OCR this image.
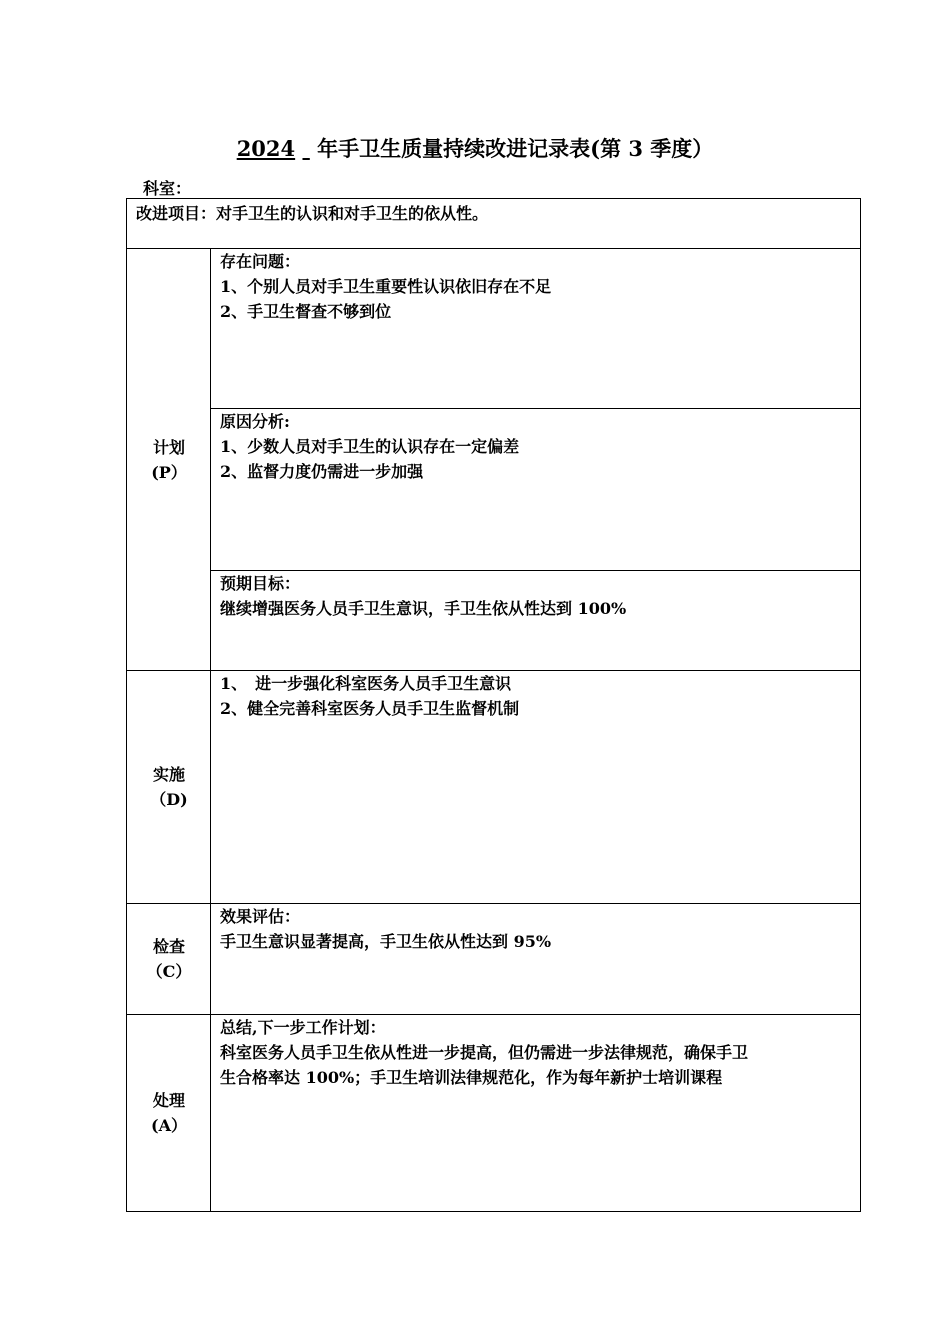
2024 年手卫生质量持续改进记录表(第 3 季度）
科室：
改进项目：对手卫生的认识和对手卫生的依从性。
计划
(P）
存在问题：
1、个别人员对手卫生重要性认识依旧存在不足
2、手卫生督查不够到位
原因分析:
1、少数人员对手卫生的认识存在一定偏差
2、监督力度仍需进一步加强
预期目标：
继续增强医务人员手卫生意识，手卫生依从性达到 100%
实施
（D)
1、　进一步强化科室医务人员手卫生意识
2、健全完善科室医务人员手卫生监督机制
检查
（C）
效果评估：
手卫生意识显著提高，手卫生依从性达到 95%
处理
(A）
总结,下一步工作计划：
科室医务人员手卫生依从性进一步提高，但仍需进一步法律规范，确保手卫
生合格率达 100%；手卫生培训法律规范化，作为每年新护士培训课程
